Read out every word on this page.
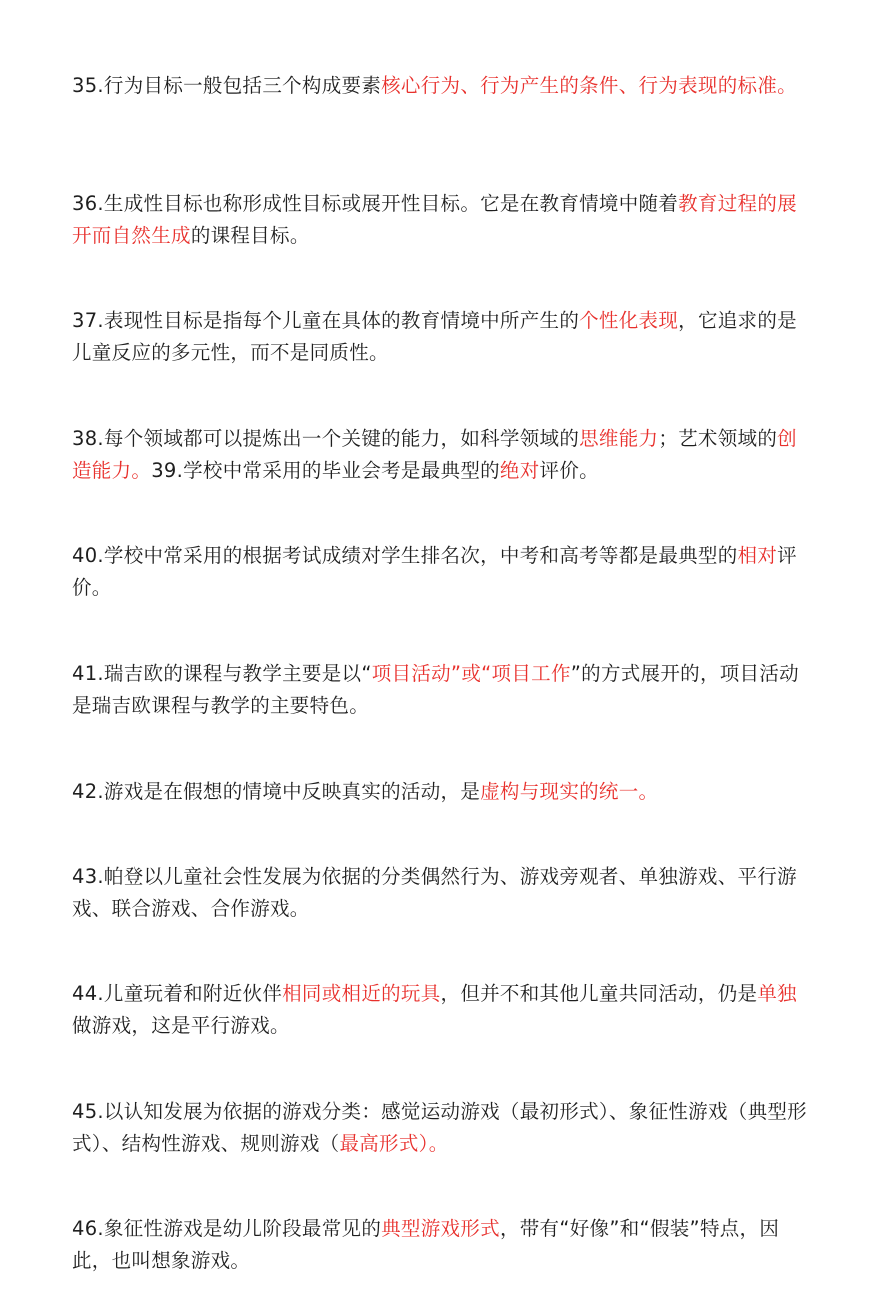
35.行为目标一般包括三个构成要素核心行为、行为产生的条件、行为表现的标准。

36.生成性目标也称形成性目标或展开性目标。它是在教育情境中随着教育过程的展开而自然生成的课程目标。

37.表现性目标是指每个儿童在具体的教育情境中所产生的个性化表现，它追求的是儿童反应的多元性，而不是同质性。

38.每个领域都可以提炼出一个关键的能力，如科学领域的思维能力；艺术领域的创造能力。39.学校中常采用的毕业会考是最典型的绝对评价。

40.学校中常采用的根据考试成绩对学生排名次，中考和高考等都是最典型的相对评价。

41.瑞吉欧的课程与教学主要是以“项目活动”或“项目工作”的方式展开的，项目活动是瑞吉欧课程与教学的主要特色。

42.游戏是在假想的情境中反映真实的活动，是虚构与现实的统一。

43.帕登以儿童社会性发展为依据的分类偶然行为、游戏旁观者、单独游戏、平行游戏、联合游戏、合作游戏。

44.儿童玩着和附近伙伴相同或相近的玩具，但并不和其他儿童共同活动，仍是单独做游戏，这是平行游戏。

45.以认知发展为依据的游戏分类：感觉运动游戏（最初形式）、象征性游戏（典型形式）、结构性游戏、规则游戏（最高形式）。

46.象征性游戏是幼儿阶段最常见的典型游戏形式，带有“好像”和“假装”特点，因此，也叫想象游戏。
